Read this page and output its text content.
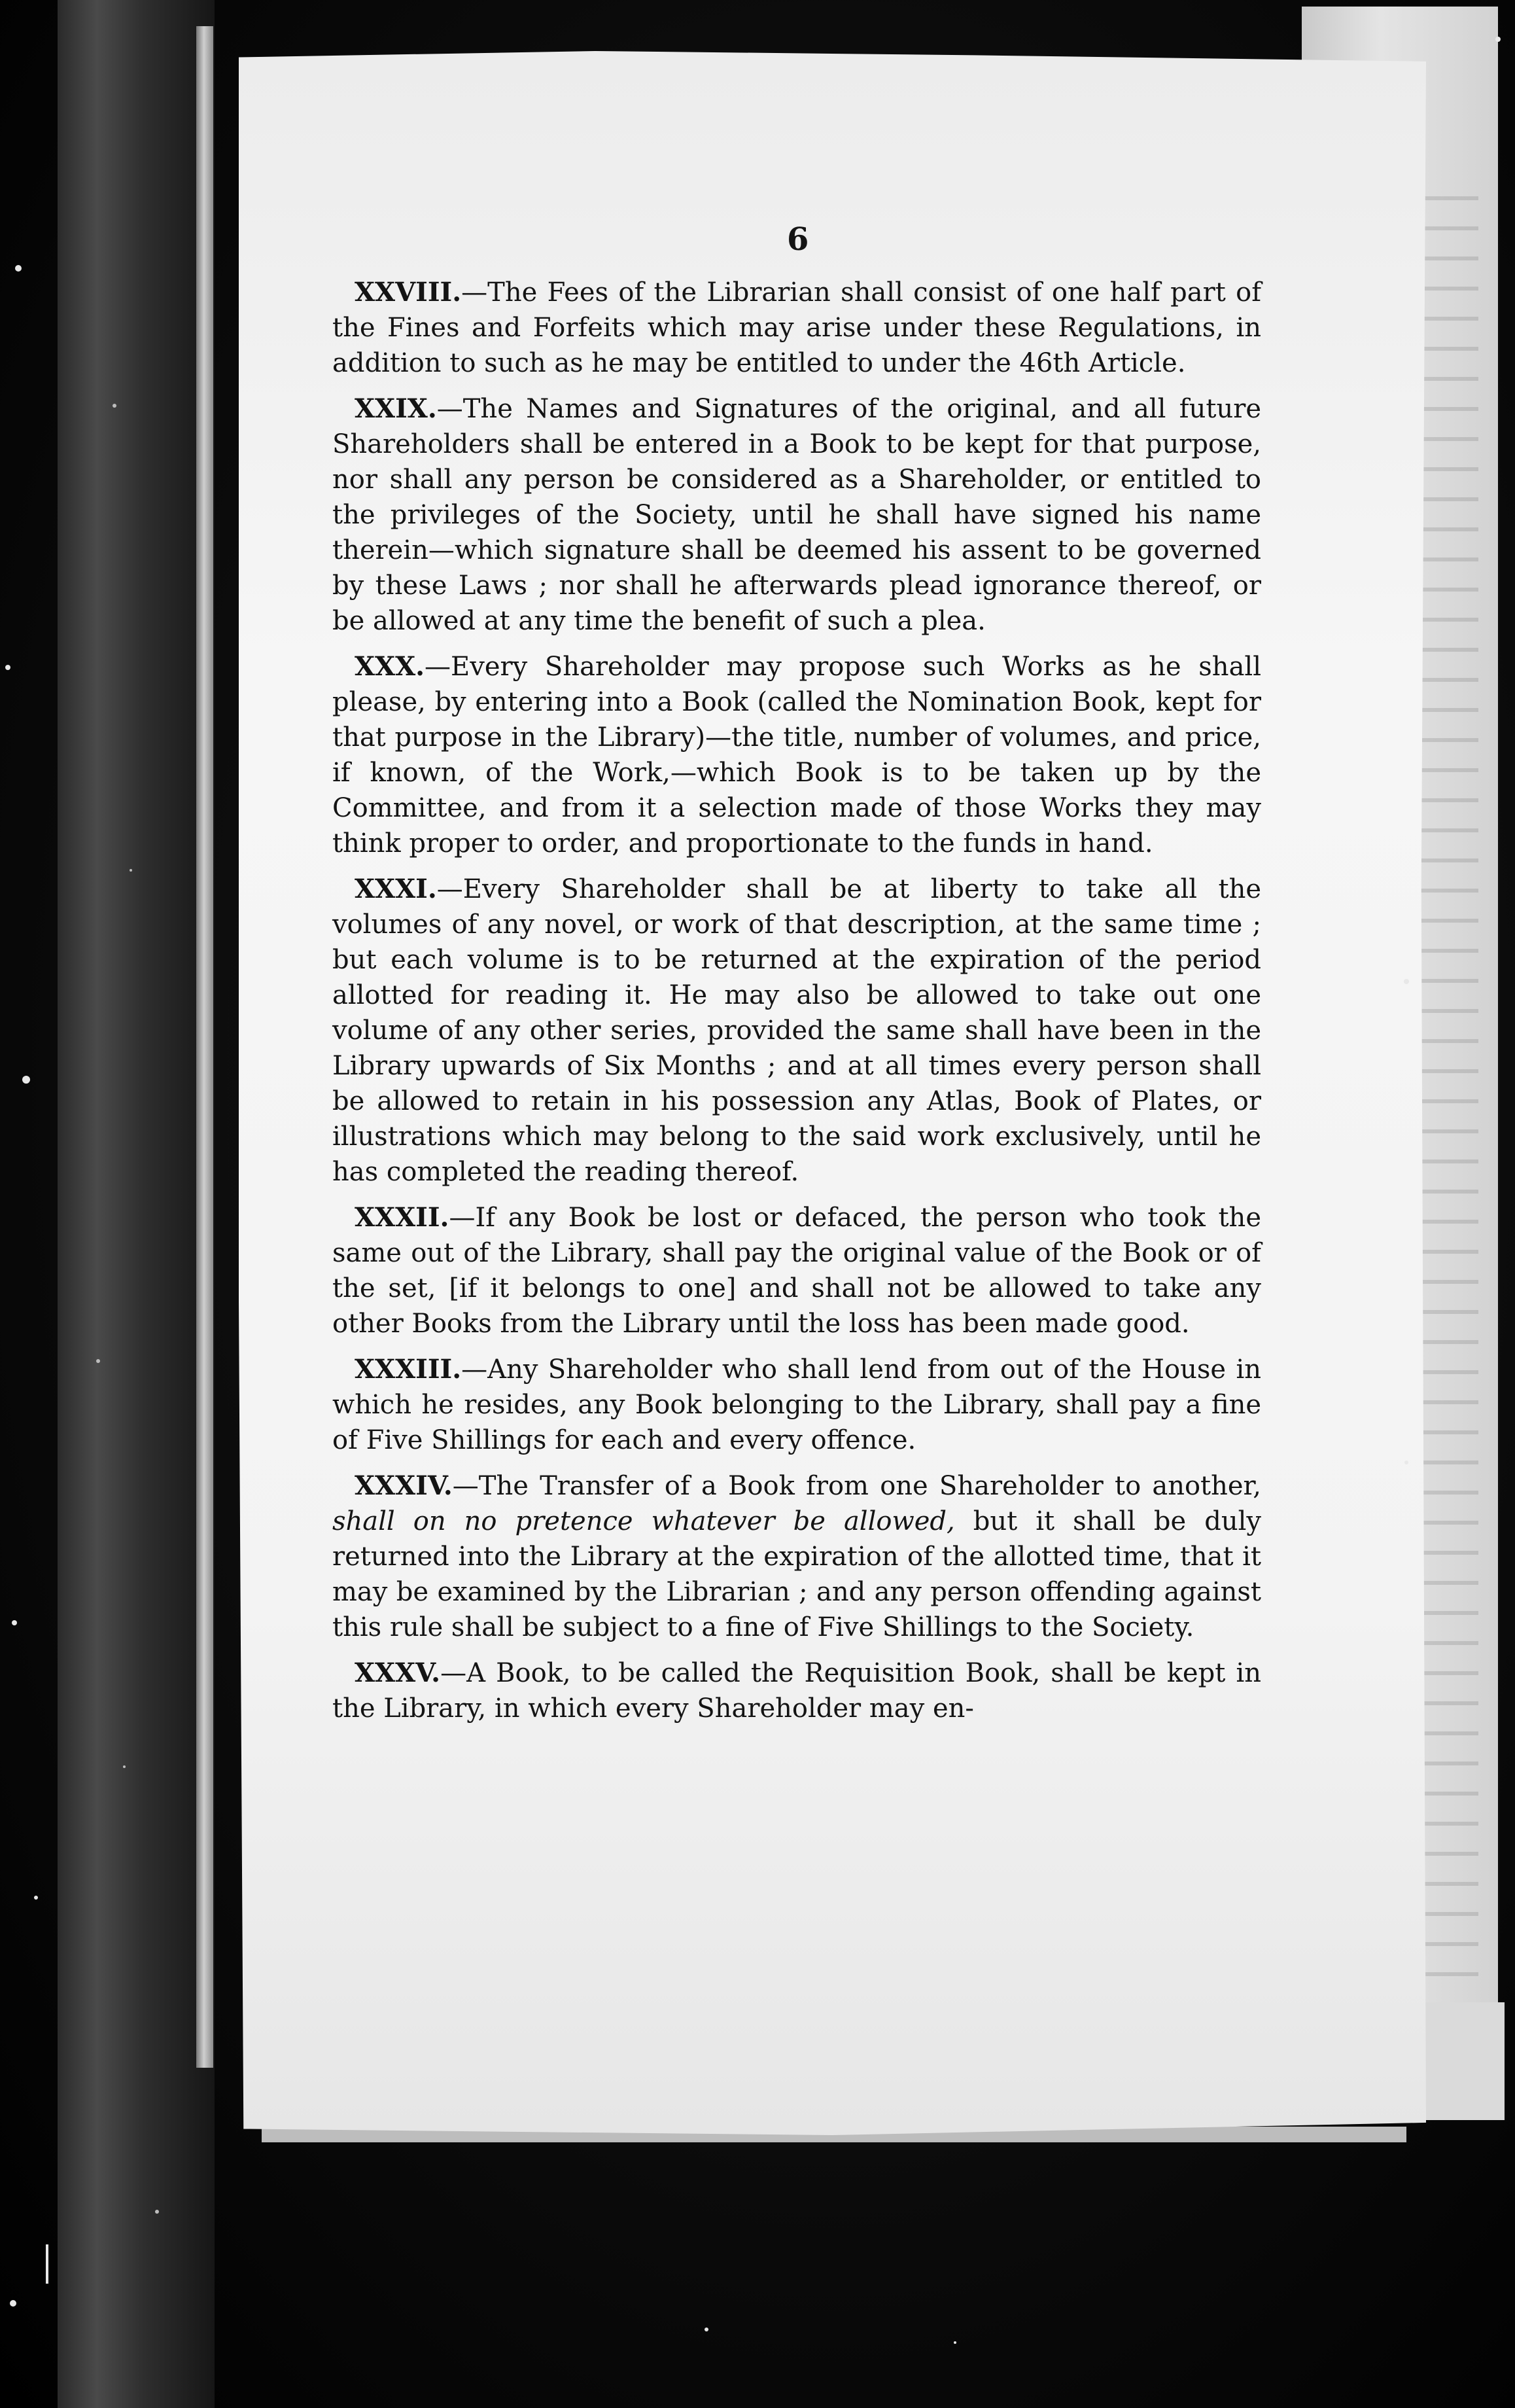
6

XXVIII.—The Fees of the Librarian shall consist of one half part of the Fines and Forfeits which may arise under these Regulations, in addition to such as he may be entitled to under the 46th Article.

XXIX.—The Names and Signatures of the original, and all future Shareholders shall be entered in a Book to be kept for that purpose, nor shall any person be considered as a Shareholder, or entitled to the privileges of the Society, until he shall have signed his name therein—which signature shall be deemed his assent to be governed by these Laws ; nor shall he afterwards plead ignorance thereof, or be allowed at any time the benefit of such a plea.

XXX.—Every Shareholder may propose such Works as he shall please, by entering into a Book (called the Nomination Book, kept for that purpose in the Library)—the title, number of volumes, and price, if known, of the Work,—which Book is to be taken up by the Committee, and from it a selection made of those Works they may think proper to order, and proportionate to the funds in hand.

XXXI.—Every Shareholder shall be at liberty to take all the volumes of any novel, or work of that description, at the same time ; but each volume is to be returned at the expiration of the period allotted for reading it. He may also be allowed to take out one volume of any other series, provided the same shall have been in the Library upwards of Six Months ; and at all times every person shall be allowed to retain in his possession any Atlas, Book of Plates, or illustrations which may belong to the said work exclusively, until he has completed the reading thereof.

XXXII.—If any Book be lost or defaced, the person who took the same out of the Library, shall pay the original value of the Book or of the set, [if it belongs to one] and shall not be allowed to take any other Books from the Library until the loss has been made good.

XXXIII.—Any Shareholder who shall lend from out of the House in which he resides, any Book belonging to the Library, shall pay a fine of Five Shillings for each and every offence.

XXXIV.—The Transfer of a Book from one Shareholder to another, shall on no pretence whatever be allowed, but it shall be duly returned into the Library at the expiration of the allotted time, that it may be examined by the Librarian ; and any person offending against this rule shall be subject to a fine of Five Shillings to the Society.

XXXV.—A Book, to be called the Requisition Book, shall be kept in the Library, in which every Shareholder may en-
